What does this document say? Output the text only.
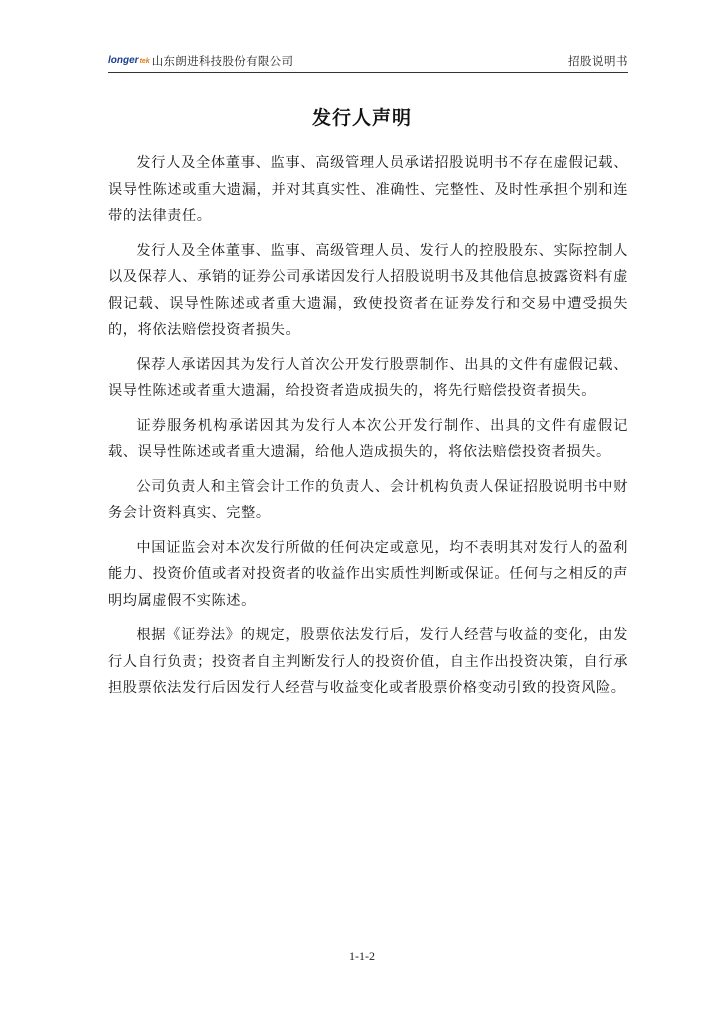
longer tek 山东朗进科技股份有限公司	招股说明书
发行人声明

发行人及全体董事、监事、高级管理人员承诺招股说明书不存在虚假记载、误导性陈述或重大遗漏，并对其真实性、准确性、完整性、及时性承担个别和连带的法律责任。

发行人及全体董事、监事、高级管理人员、发行人的控股股东、实际控制人以及保荐人、承销的证券公司承诺因发行人招股说明书及其他信息披露资料有虚假记载、误导性陈述或者重大遗漏，致使投资者在证券发行和交易中遭受损失的，将依法赔偿投资者损失。

保荐人承诺因其为发行人首次公开发行股票制作、出具的文件有虚假记载、误导性陈述或者重大遗漏，给投资者造成损失的，将先行赔偿投资者损失。

证券服务机构承诺因其为发行人本次公开发行制作、出具的文件有虚假记载、误导性陈述或者重大遗漏，给他人造成损失的，将依法赔偿投资者损失。

公司负责人和主管会计工作的负责人、会计机构负责人保证招股说明书中财务会计资料真实、完整。

中国证监会对本次发行所做的任何决定或意见，均不表明其对发行人的盈利能力、投资价值或者对投资者的收益作出实质性判断或保证。任何与之相反的声明均属虚假不实陈述。

根据《证券法》的规定，股票依法发行后，发行人经营与收益的变化，由发行人自行负责；投资者自主判断发行人的投资价值，自主作出投资决策，自行承担股票依法发行后因发行人经营与收益变化或者股票价格变动引致的投资风险。

1-1-2
